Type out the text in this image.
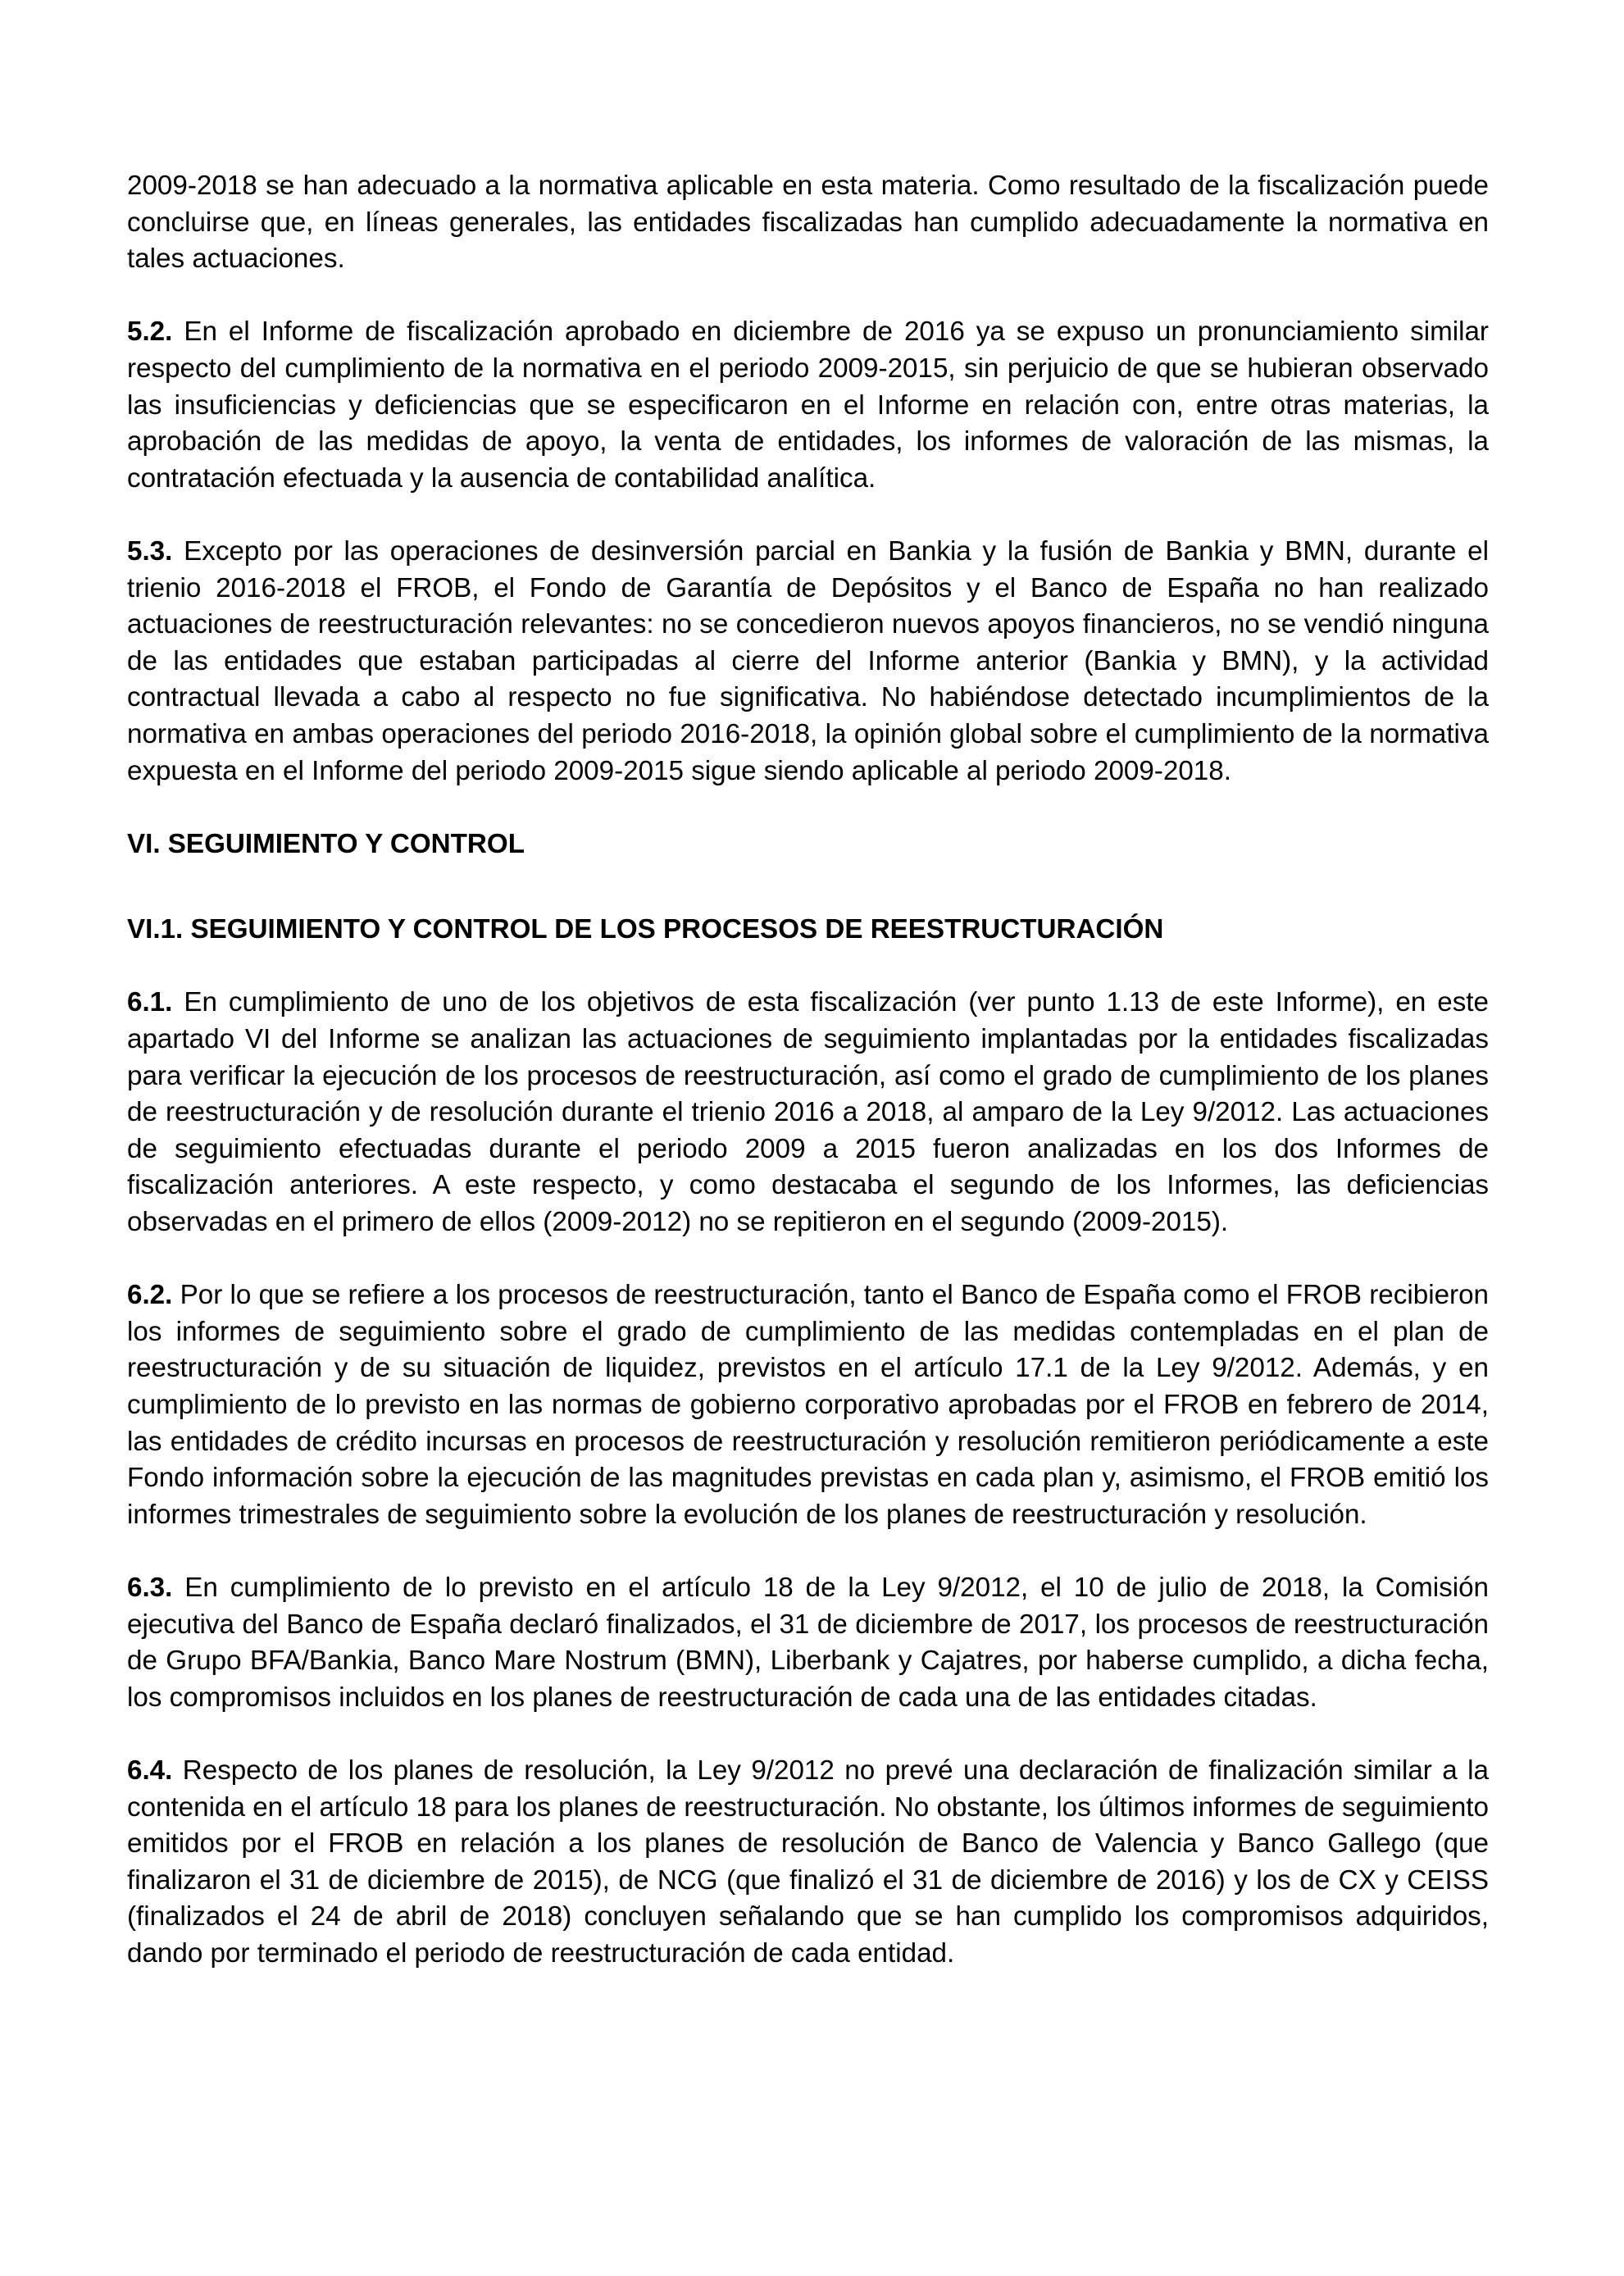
2009-2018 se han adecuado a la normativa aplicable en esta materia. Como resultado de la fiscalización puede concluirse que, en líneas generales, las entidades fiscalizadas han cumplido adecuadamente la normativa en tales actuaciones.

5.2. En el Informe de fiscalización aprobado en diciembre de 2016 ya se expuso un pronunciamiento similar respecto del cumplimiento de la normativa en el periodo 2009-2015, sin perjuicio de que se hubieran observado las insuficiencias y deficiencias que se especificaron en el Informe en relación con, entre otras materias, la aprobación de las medidas de apoyo, la venta de entidades, los informes de valoración de las mismas, la contratación efectuada y la ausencia de contabilidad analítica.

5.3. Excepto por las operaciones de desinversión parcial en Bankia y la fusión de Bankia y BMN, durante el trienio 2016-2018 el FROB, el Fondo de Garantía de Depósitos y el Banco de España no han realizado actuaciones de reestructuración relevantes: no se concedieron nuevos apoyos financieros, no se vendió ninguna de las entidades que estaban participadas al cierre del Informe anterior (Bankia y BMN), y la actividad contractual llevada a cabo al respecto no fue significativa. No habiéndose detectado incumplimientos de la normativa en ambas operaciones del periodo 2016-2018, la opinión global sobre el cumplimiento de la normativa expuesta en el Informe del periodo 2009-2015 sigue siendo aplicable al periodo 2009-2018.

VI. SEGUIMIENTO Y CONTROL
VI.1. SEGUIMIENTO Y CONTROL DE LOS PROCESOS DE REESTRUCTURACIÓN

6.1. En cumplimiento de uno de los objetivos de esta fiscalización (ver punto 1.13 de este Informe), en este apartado VI del Informe se analizan las actuaciones de seguimiento implantadas por la entidades fiscalizadas para verificar la ejecución de los procesos de reestructuración, así como el grado de cumplimiento de los planes de reestructuración y de resolución durante el trienio 2016 a 2018, al amparo de la Ley 9/2012. Las actuaciones de seguimiento efectuadas durante el periodo 2009 a 2015 fueron analizadas en los dos Informes de fiscalización anteriores. A este respecto, y como destacaba el segundo de los Informes, las deficiencias observadas en el primero de ellos (2009-2012) no se repitieron en el segundo (2009-2015).

6.2. Por lo que se refiere a los procesos de reestructuración, tanto el Banco de España como el FROB recibieron los informes de seguimiento sobre el grado de cumplimiento de las medidas contempladas en el plan de reestructuración y de su situación de liquidez, previstos en el artículo 17.1 de la Ley 9/2012. Además, y en cumplimiento de lo previsto en las normas de gobierno corporativo aprobadas por el FROB en febrero de 2014, las entidades de crédito incursas en procesos de reestructuración y resolución remitieron periódicamente a este Fondo información sobre la ejecución de las magnitudes previstas en cada plan y, asimismo, el FROB emitió los informes trimestrales de seguimiento sobre la evolución de los planes de reestructuración y resolución.

6.3. En cumplimiento de lo previsto en el artículo 18 de la Ley 9/2012, el 10 de julio de 2018, la Comisión ejecutiva del Banco de España declaró finalizados, el 31 de diciembre de 2017, los procesos de reestructuración de Grupo BFA/Bankia, Banco Mare Nostrum (BMN), Liberbank y Cajatres, por haberse cumplido, a dicha fecha, los compromisos incluidos en los planes de reestructuración de cada una de las entidades citadas.

6.4. Respecto de los planes de resolución, la Ley 9/2012 no prevé una declaración de finalización similar a la contenida en el artículo 18 para los planes de reestructuración. No obstante, los últimos informes de seguimiento emitidos por el FROB en relación a los planes de resolución de Banco de Valencia y Banco Gallego (que finalizaron el 31 de diciembre de 2015), de NCG (que finalizó el 31 de diciembre de 2016) y los de CX y CEISS (finalizados el 24 de abril de 2018) concluyen señalando que se han cumplido los compromisos adquiridos, dando por terminado el periodo de reestructuración de cada entidad.
